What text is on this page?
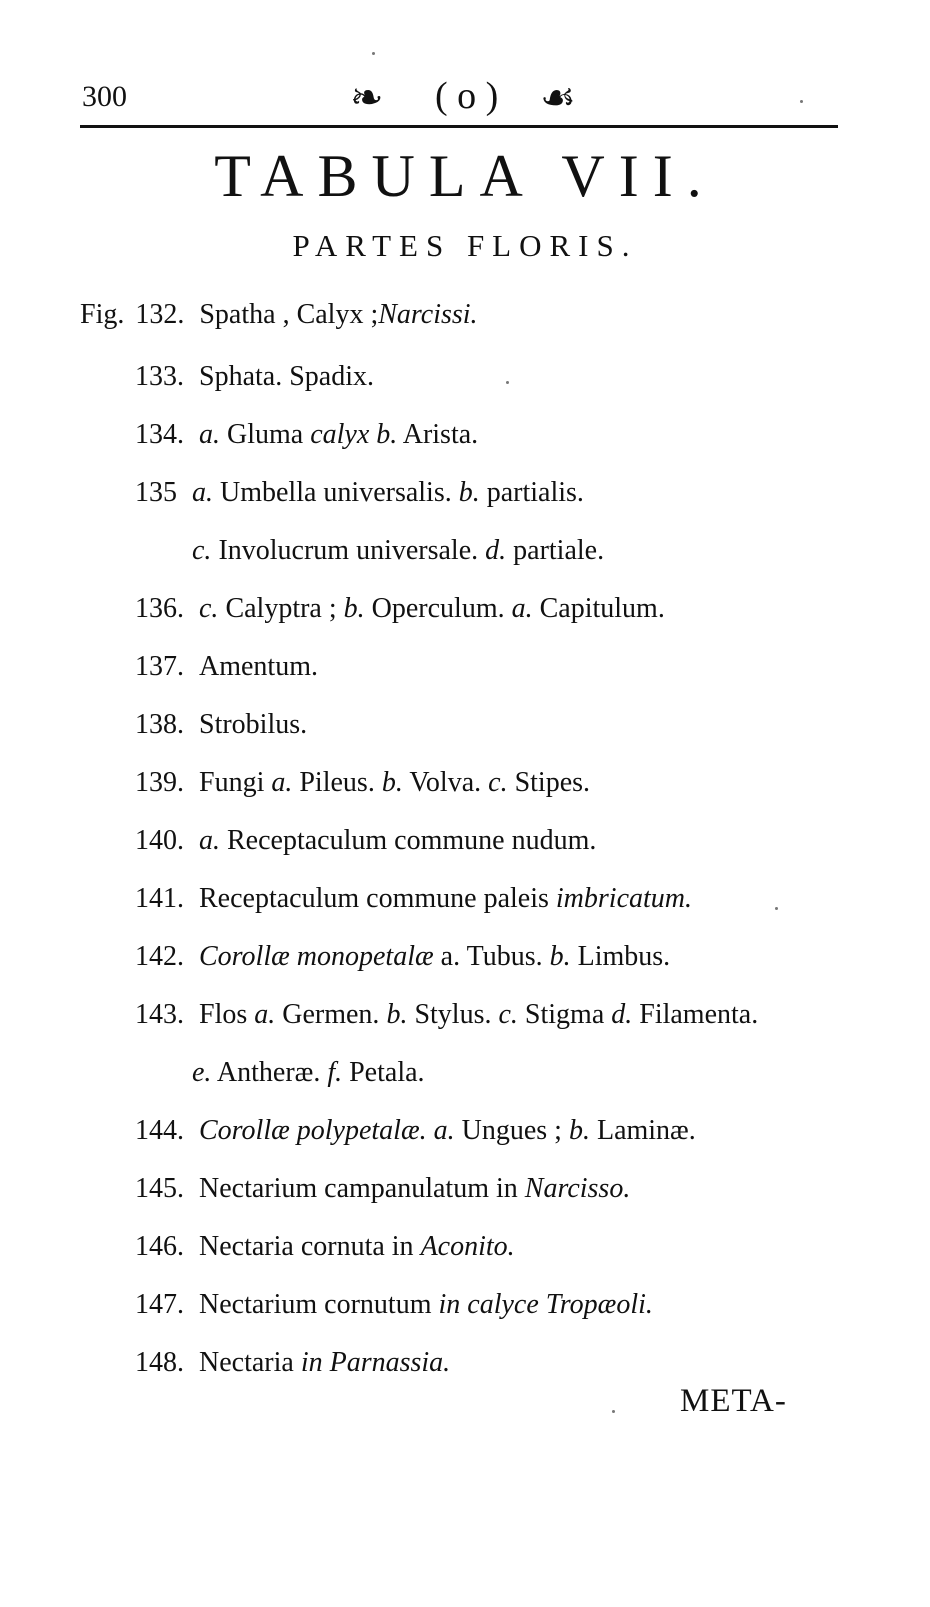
300	❧ ( o ) ☙
TABULA VII.
PARTES FLORIS.
Fig. 132. Spatha , Calyx ;Narcissi.
133. Sphata. Spadix.
134. a. Gluma calyx b. Arista.
135 a. Umbella universalis. b. partialis.
c. Involucrum universale. d. partiale.
136. c. Calyptra ; b. Operculum. a. Capitulum.
137. Amentum.
138. Strobilus.
139. Fungi a. Pileus. b. Volva. c. Stipes.
140. a. Receptaculum commune nudum.
141. Receptaculum commune paleis imbricatum.
142. Corollæ monopetalæ a. Tubus. b. Limbus.
143. Flos a. Germen. b. Stylus. c. Stigma d. Filamenta.
e. Antheræ. f. Petala.
144. Corollæ polypetalæ. a. Ungues ; b. Laminæ.
145. Nectarium campanulatum in Narcisso.
146. Nectaria cornuta in Aconito.
147. Nectarium cornutum in calyce Tropæoli.
148. Nectaria in Parnassia.
META-
